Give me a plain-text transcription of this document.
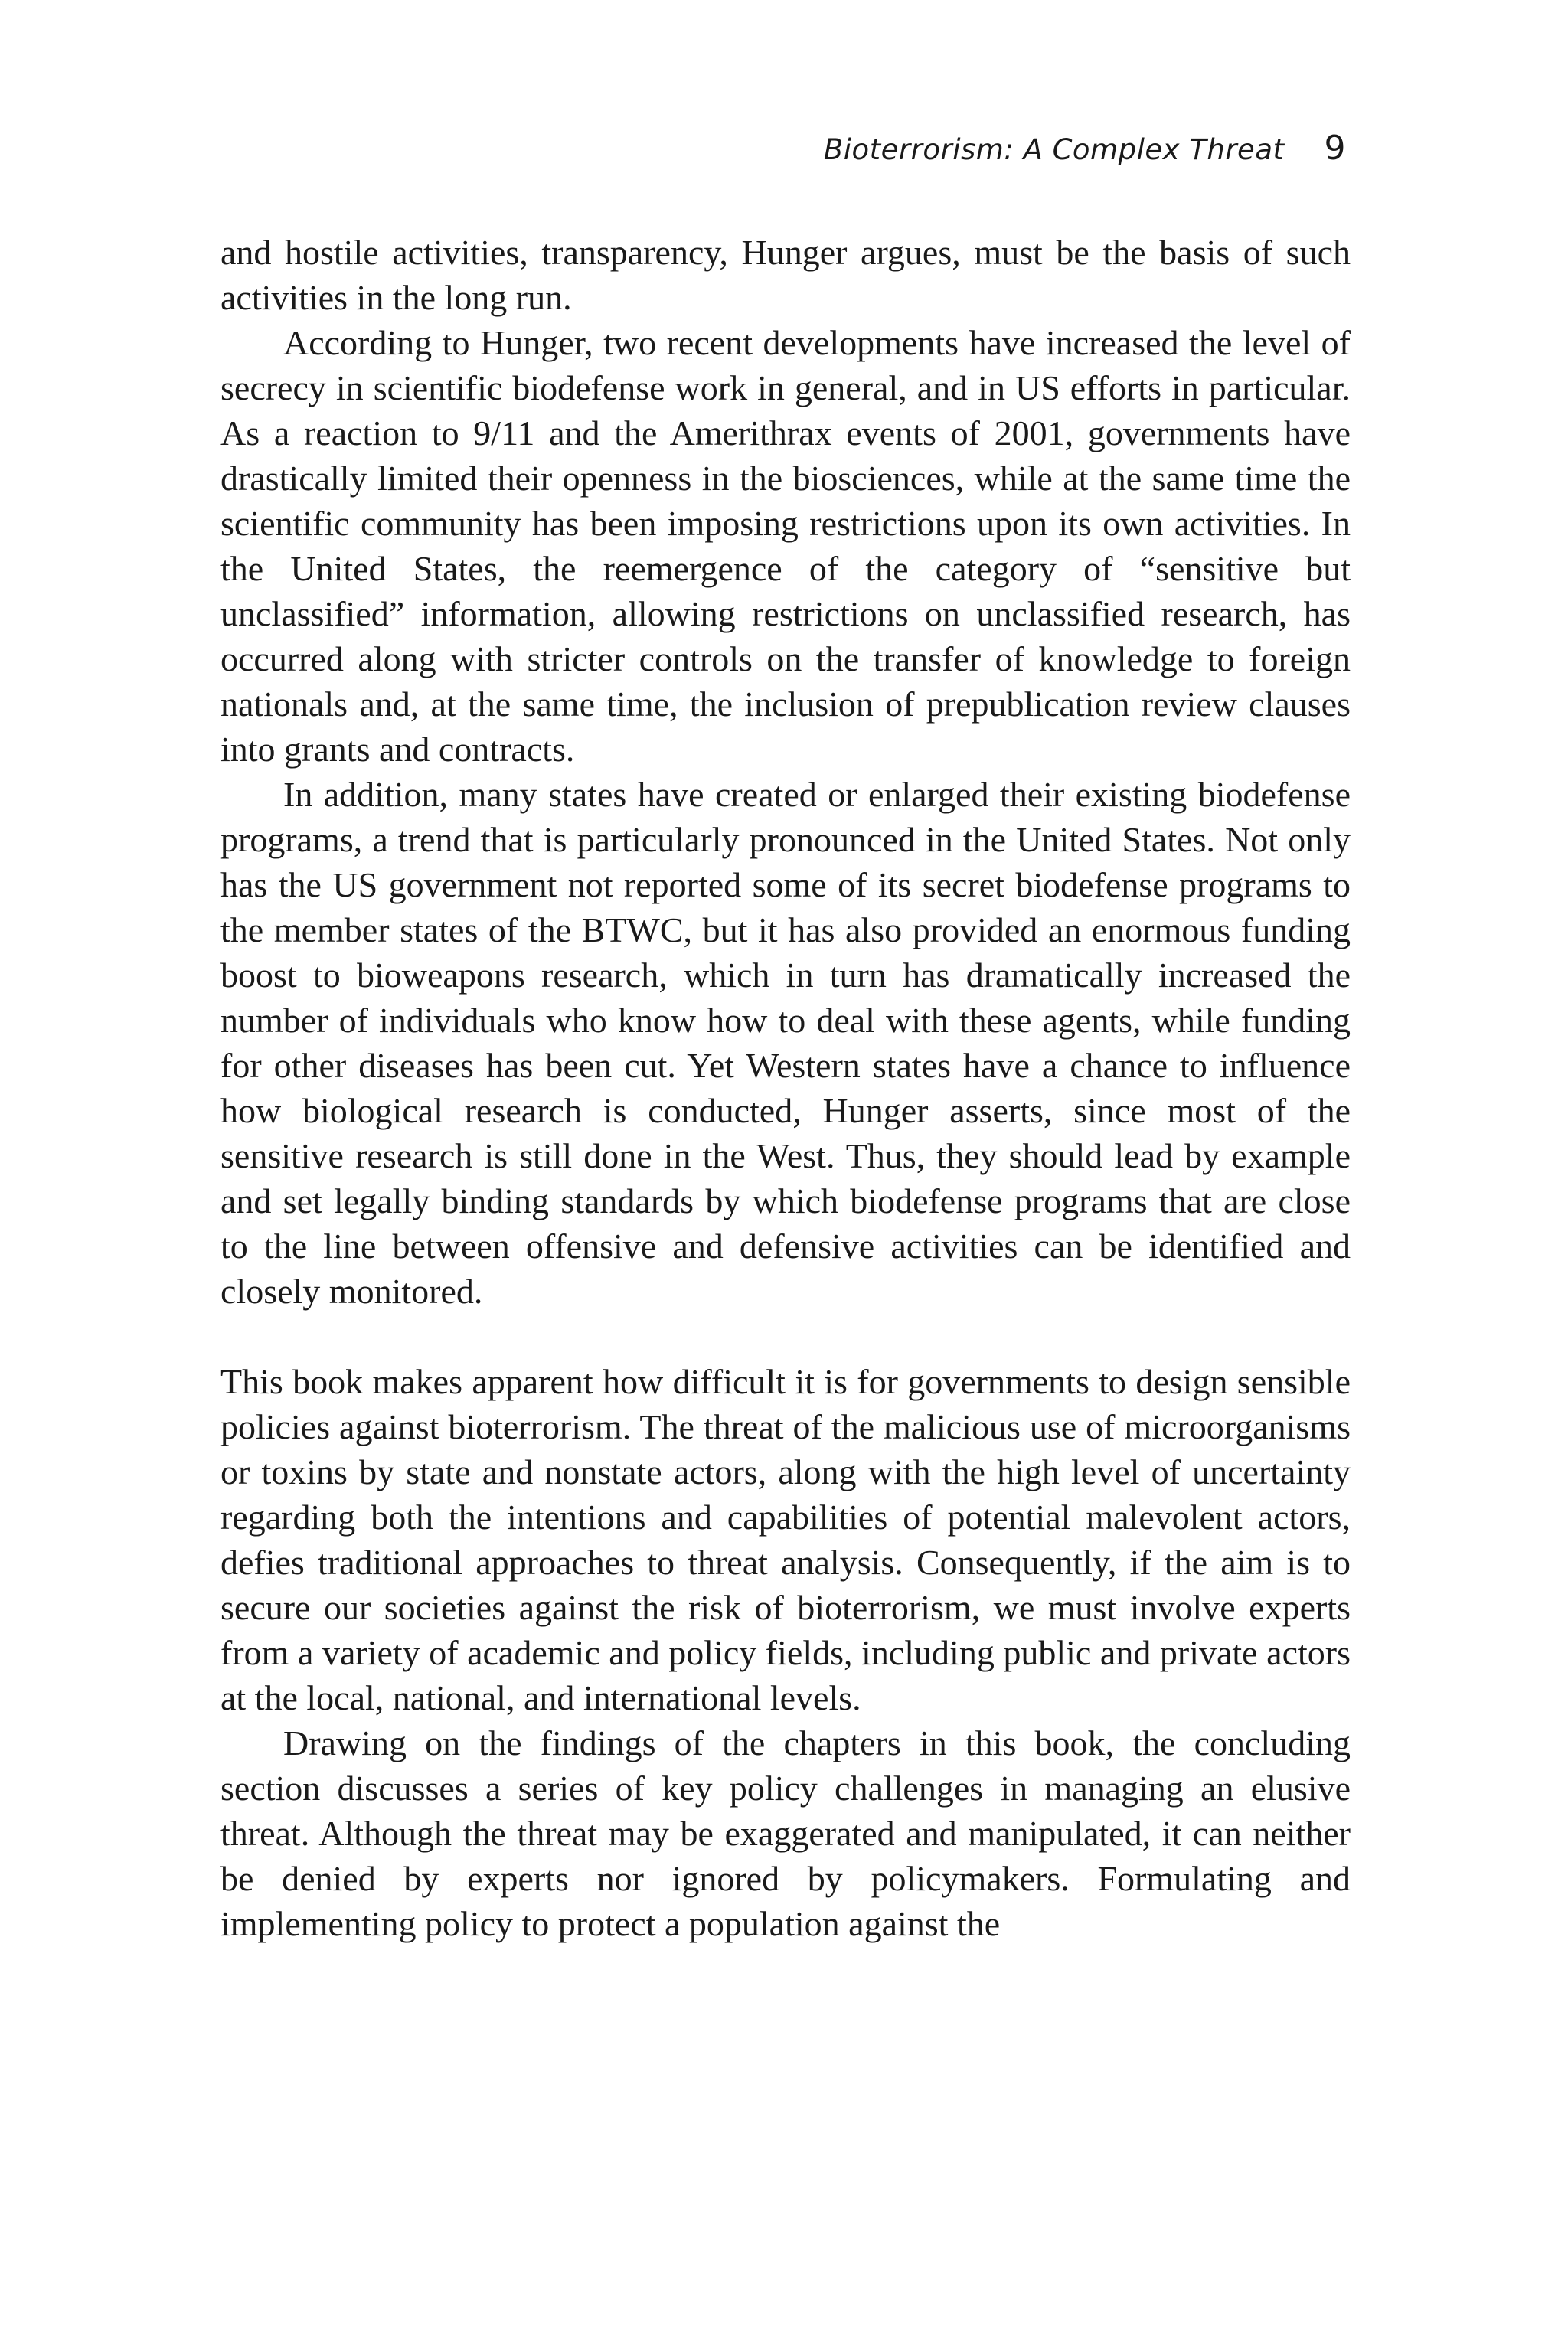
Bioterrorism: A Complex Threat 9

and hostile activities, transparency, Hunger argues, must be the basis of such activities in the long run.

According to Hunger, two recent developments have increased the level of secrecy in scientific biodefense work in general, and in US efforts in particular. As a reaction to 9/11 and the Amerithrax events of 2001, governments have drastically limited their openness in the biosciences, while at the same time the scientific community has been imposing restrictions upon its own activities. In the United States, the reemergence of the category of “sensitive but unclassified” information, allowing restrictions on unclassified research, has occurred along with stricter controls on the transfer of knowledge to foreign nationals and, at the same time, the inclusion of prepublication review clauses into grants and contracts.

In addition, many states have created or enlarged their existing biodefense programs, a trend that is particularly pronounced in the United States. Not only has the US government not reported some of its secret biodefense programs to the member states of the BTWC, but it has also provided an enormous funding boost to bioweapons research, which in turn has dramatically increased the number of individuals who know how to deal with these agents, while funding for other diseases has been cut. Yet Western states have a chance to influence how biological research is conducted, Hunger asserts, since most of the sensitive research is still done in the West. Thus, they should lead by example and set legally binding standards by which biodefense programs that are close to the line between offensive and defensive activities can be identified and closely monitored.

This book makes apparent how difficult it is for governments to design sensible policies against bioterrorism. The threat of the malicious use of microorganisms or toxins by state and nonstate actors, along with the high level of uncertainty regarding both the intentions and capabilities of potential malevolent actors, defies traditional approaches to threat analysis. Consequently, if the aim is to secure our societies against the risk of bioterrorism, we must involve experts from a variety of academic and policy fields, including public and private actors at the local, national, and international levels.

Drawing on the findings of the chapters in this book, the concluding section discusses a series of key policy challenges in managing an elusive threat. Although the threat may be exaggerated and manipulated, it can neither be denied by experts nor ignored by policymakers. Formulating and implementing policy to protect a population against the
